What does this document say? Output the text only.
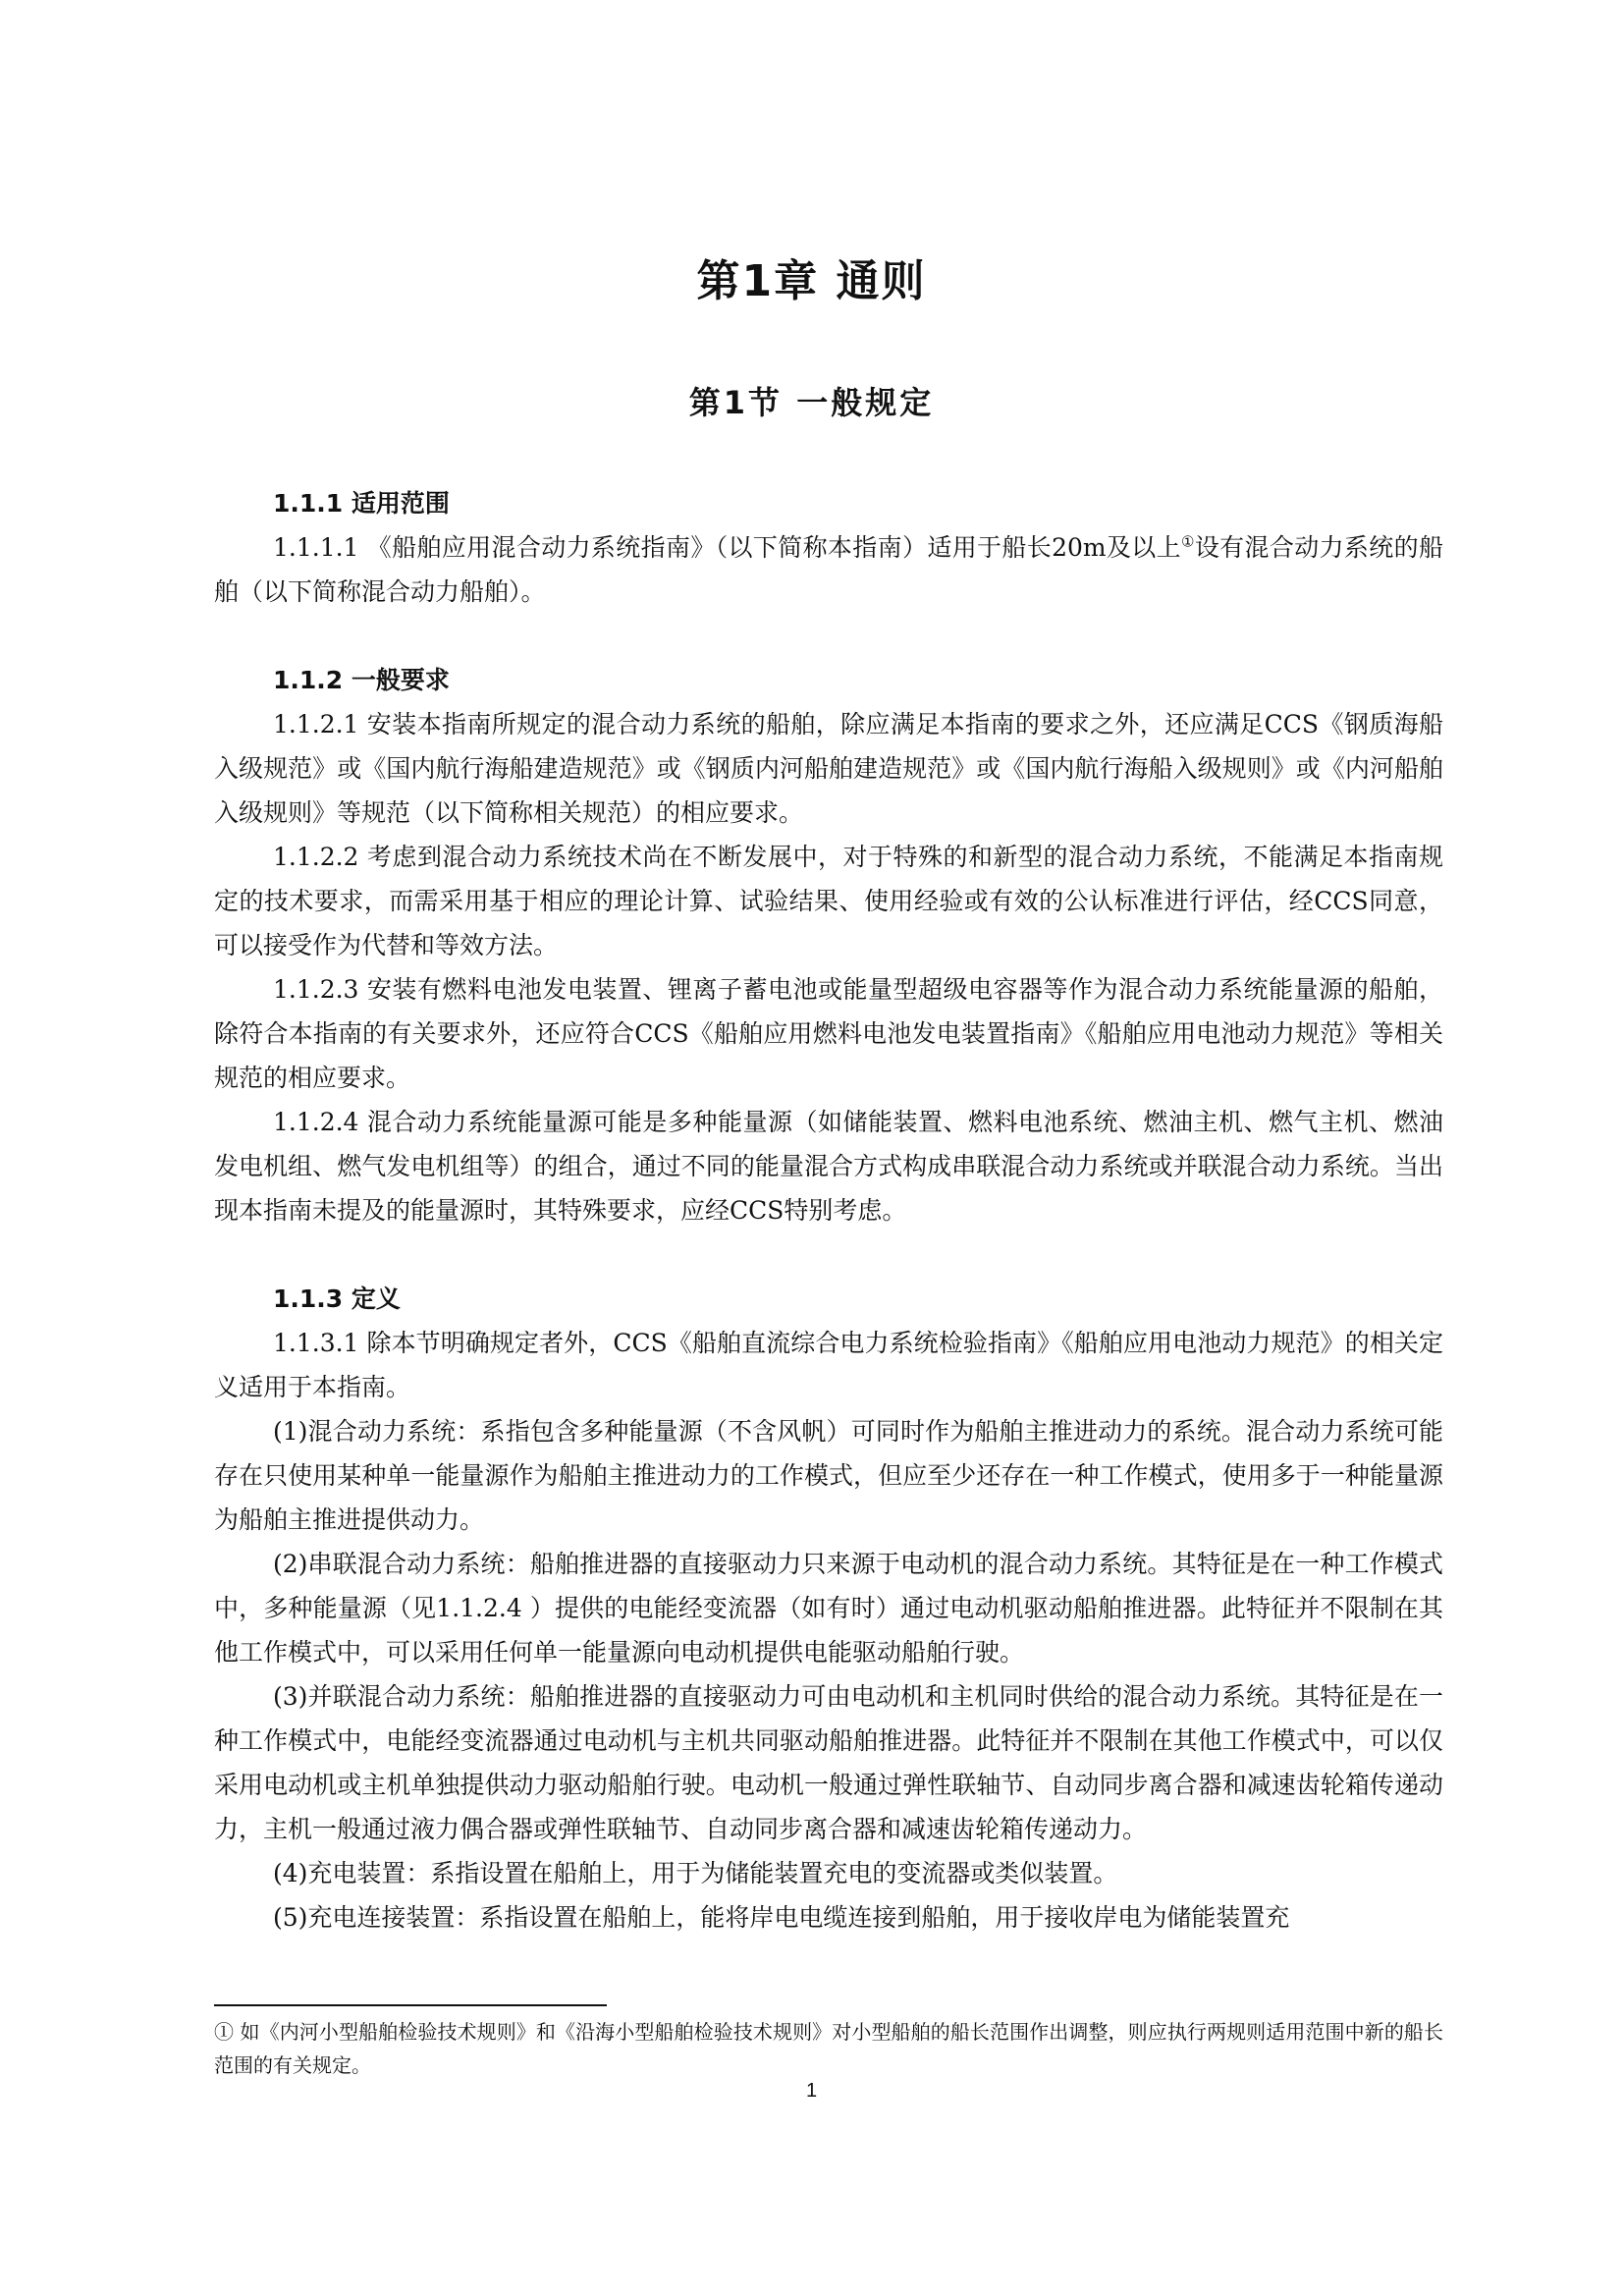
第1章 通则
第1节 一般规定

1.1.1 适用范围

1.1.1.1 《船舶应用混合动力系统指南》（以下简称本指南）适用于船长20m及以上①设有混合动力系统的船舶（以下简称混合动力船舶）。

1.1.2 一般要求

1.1.2.1 安装本指南所规定的混合动力系统的船舶，除应满足本指南的要求之外，还应满足CCS《钢质海船入级规范》或《国内航行海船建造规范》或《钢质内河船舶建造规范》或《国内航行海船入级规则》或《内河船舶入级规则》等规范（以下简称相关规范）的相应要求。

1.1.2.2 考虑到混合动力系统技术尚在不断发展中，对于特殊的和新型的混合动力系统，不能满足本指南规定的技术要求，而需采用基于相应的理论计算、试验结果、使用经验或有效的公认标准进行评估，经CCS同意，可以接受作为代替和等效方法。

1.1.2.3 安装有燃料电池发电装置、锂离子蓄电池或能量型超级电容器等作为混合动力系统能量源的船舶，除符合本指南的有关要求外，还应符合CCS《船舶应用燃料电池发电装置指南》《船舶应用电池动力规范》等相关规范的相应要求。

1.1.2.4 混合动力系统能量源可能是多种能量源（如储能装置、燃料电池系统、燃油主机、燃气主机、燃油发电机组、燃气发电机组等）的组合，通过不同的能量混合方式构成串联混合动力系统或并联混合动力系统。当出现本指南未提及的能量源时，其特殊要求，应经CCS特别考虑。

1.1.3 定义

1.1.3.1 除本节明确规定者外，CCS《船舶直流综合电力系统检验指南》《船舶应用电池动力规范》的相关定义适用于本指南。

(1)混合动力系统：系指包含多种能量源（不含风帆）可同时作为船舶主推进动力的系统。混合动力系统可能存在只使用某种单一能量源作为船舶主推进动力的工作模式，但应至少还存在一种工作模式，使用多于一种能量源为船舶主推进提供动力。

(2)串联混合动力系统：船舶推进器的直接驱动力只来源于电动机的混合动力系统。其特征是在一种工作模式中，多种能量源（见1.1.2.4 ）提供的电能经变流器（如有时）通过电动机驱动船舶推进器。此特征并不限制在其他工作模式中，可以采用任何单一能量源向电动机提供电能驱动船舶行驶。

(3)并联混合动力系统：船舶推进器的直接驱动力可由电动机和主机同时供给的混合动力系统。其特征是在一种工作模式中，电能经变流器通过电动机与主机共同驱动船舶推进器。此特征并不限制在其他工作模式中，可以仅采用电动机或主机单独提供动力驱动船舶行驶。电动机一般通过弹性联轴节、自动同步离合器和减速齿轮箱传递动力，主机一般通过液力偶合器或弹性联轴节、自动同步离合器和减速齿轮箱传递动力。

(4)充电装置：系指设置在船舶上，用于为储能装置充电的变流器或类似装置。

(5)充电连接装置：系指设置在船舶上，能将岸电电缆连接到船舶，用于接收岸电为储能装置充

① 如《内河小型船舶检验技术规则》和《沿海小型船舶检验技术规则》对小型船舶的船长范围作出调整，则应执行两规则适用范围中新的船长范围的有关规定。
1
